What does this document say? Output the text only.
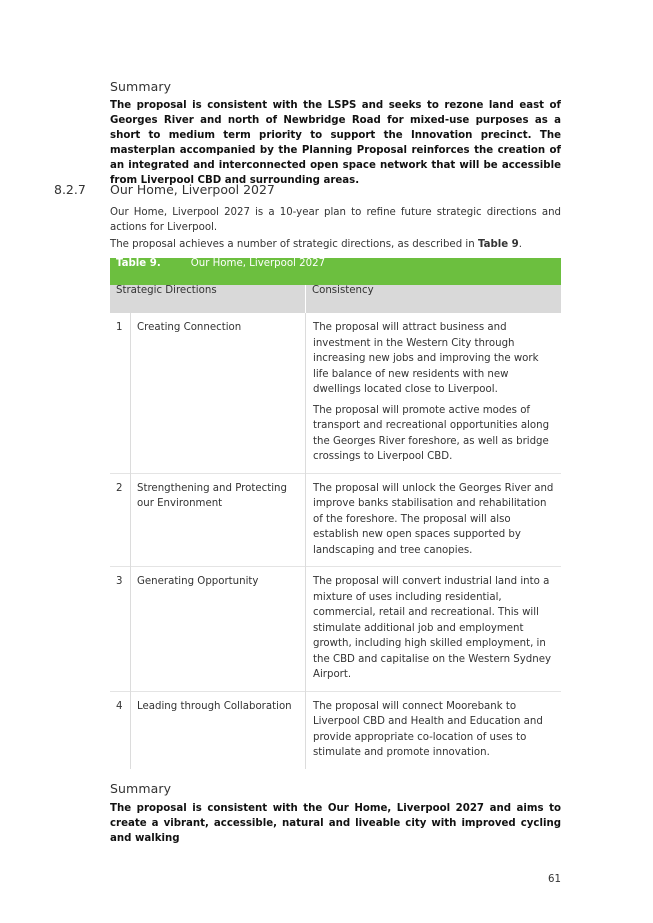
Summary
The proposal is consistent with the LSPS and seeks to rezone land east of Georges River and north of Newbridge Road for mixed-use purposes as a short to medium term priority to support the Innovation precinct. The masterplan accompanied by the Planning Proposal reinforces the creation of an integrated and interconnected open space network that will be accessible from Liverpool CBD and surrounding areas.
8.2.7 Our Home, Liverpool 2027
Our Home, Liverpool 2027 is a 10-year plan to refine future strategic directions and actions for Liverpool.
The proposal achieves a number of strategic directions, as described in Table 9.
Table 9. Our Home, Liverpool 2027		
Strategic Directions		Consistency
1	Creating Connection	The proposal will attract business and investment in the Western City through increasing new jobs and improving the work life balance of new residents with new dwellings located close to Liverpool.

The proposal will promote active modes of transport and recreational opportunities along the Georges River foreshore, as well as bridge crossings to Liverpool CBD.

2	Strengthening and Protecting our Environment	The proposal will unlock the Georges River and improve banks stabilisation and rehabilitation of the foreshore. The proposal will also establish new open spaces supported by landscaping and tree canopies.

3	Generating Opportunity	The proposal will convert industrial land into a mixture of uses including residential, commercial, retail and recreational. This will stimulate additional job and employment growth, including high skilled employment, in the CBD and capitalise on the Western Sydney Airport.

4	Leading through Collaboration	The proposal will connect Moorebank to Liverpool CBD and Health and Education and provide appropriate co-location of uses to stimulate and promote innovation.

Summary
The proposal is consistent with the Our Home, Liverpool 2027 and aims to create a vibrant, accessible, natural and liveable city with improved cycling and walking
61
